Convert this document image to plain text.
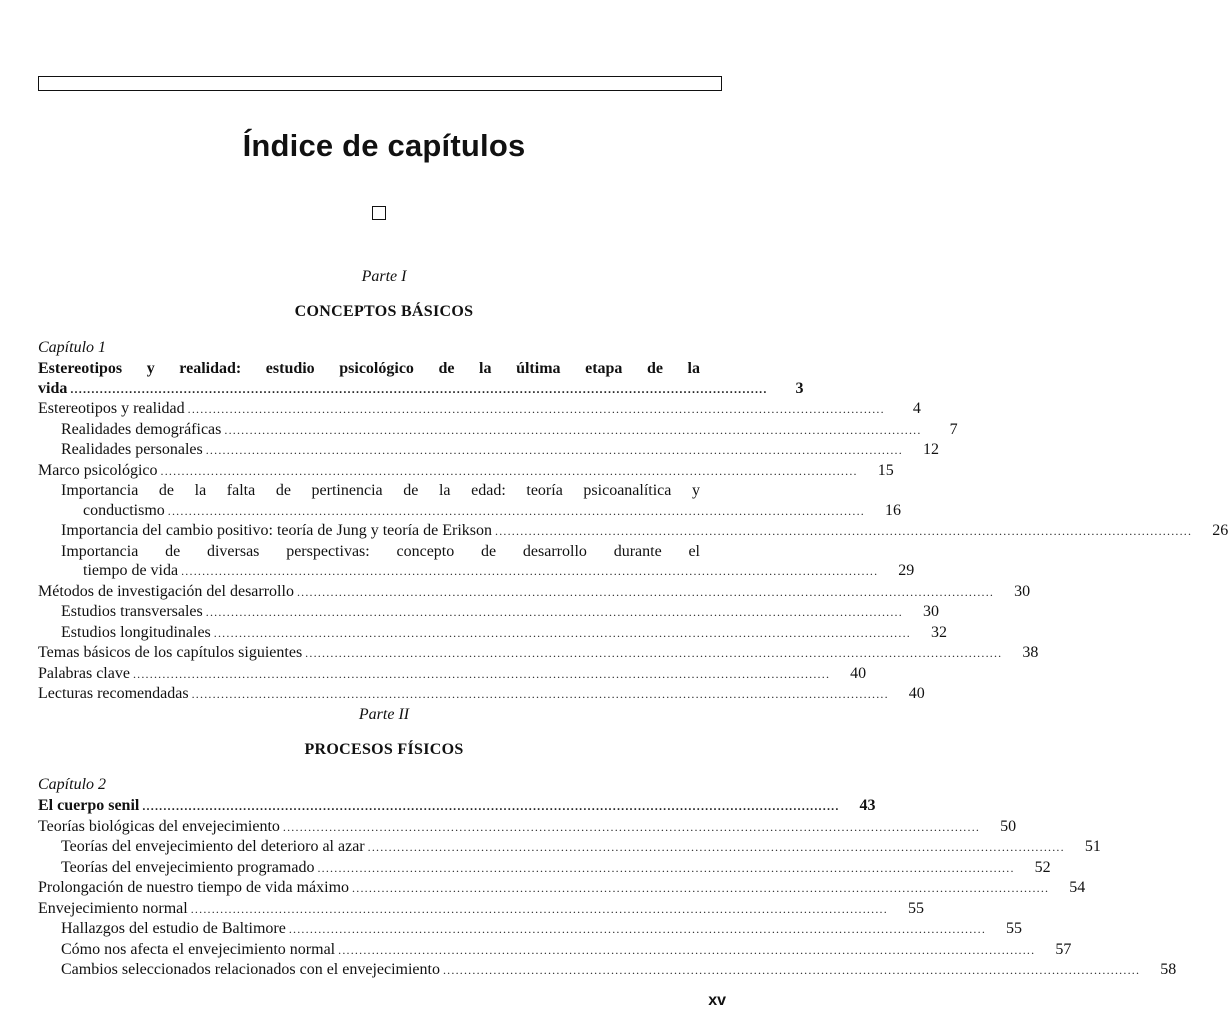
Índice de capítulos
Parte I
CONCEPTOS BÁSICOS
Capítulo 1
Estereotipos y realidad: estudio psicológico de la última etapa de la
vida ......................................................................................................................................................................	3
Estereotipos y realidad ......................................................................................................................................................................	4
Realidades demográficas ......................................................................................................................................................................	7
Realidades personales ......................................................................................................................................................................	12
Marco psicológico ......................................................................................................................................................................	15
Importancia de la falta de pertinencia de la edad: teoría psicoanalítica y
conductismo ......................................................................................................................................................................	16
Importancia del cambio positivo: teoría de Jung y teoría de Erikson ......................................................................................................................................................................	26
Importancia de diversas perspectivas: concepto de desarrollo durante el
tiempo de vida ......................................................................................................................................................................	29
Métodos de investigación del desarrollo ......................................................................................................................................................................	30
Estudios transversales ......................................................................................................................................................................	30
Estudios longitudinales ......................................................................................................................................................................	32
Temas básicos de los capítulos siguientes ......................................................................................................................................................................	38
Palabras clave ......................................................................................................................................................................	40
Lecturas recomendadas ......................................................................................................................................................................	40
Parte II
PROCESOS FÍSICOS
Capítulo 2
El cuerpo senil ......................................................................................................................................................................	43
Teorías biológicas del envejecimiento ......................................................................................................................................................................	50
Teorías del envejecimiento del deterioro al azar ......................................................................................................................................................................	51
Teorías del envejecimiento programado ......................................................................................................................................................................	52
Prolongación de nuestro tiempo de vida máximo ......................................................................................................................................................................	54
Envejecimiento normal ......................................................................................................................................................................	55
Hallazgos del estudio de Baltimore ......................................................................................................................................................................	55
Cómo nos afecta el envejecimiento normal ......................................................................................................................................................................	57
Cambios seleccionados relacionados con el envejecimiento ......................................................................................................................................................................	58
xv
